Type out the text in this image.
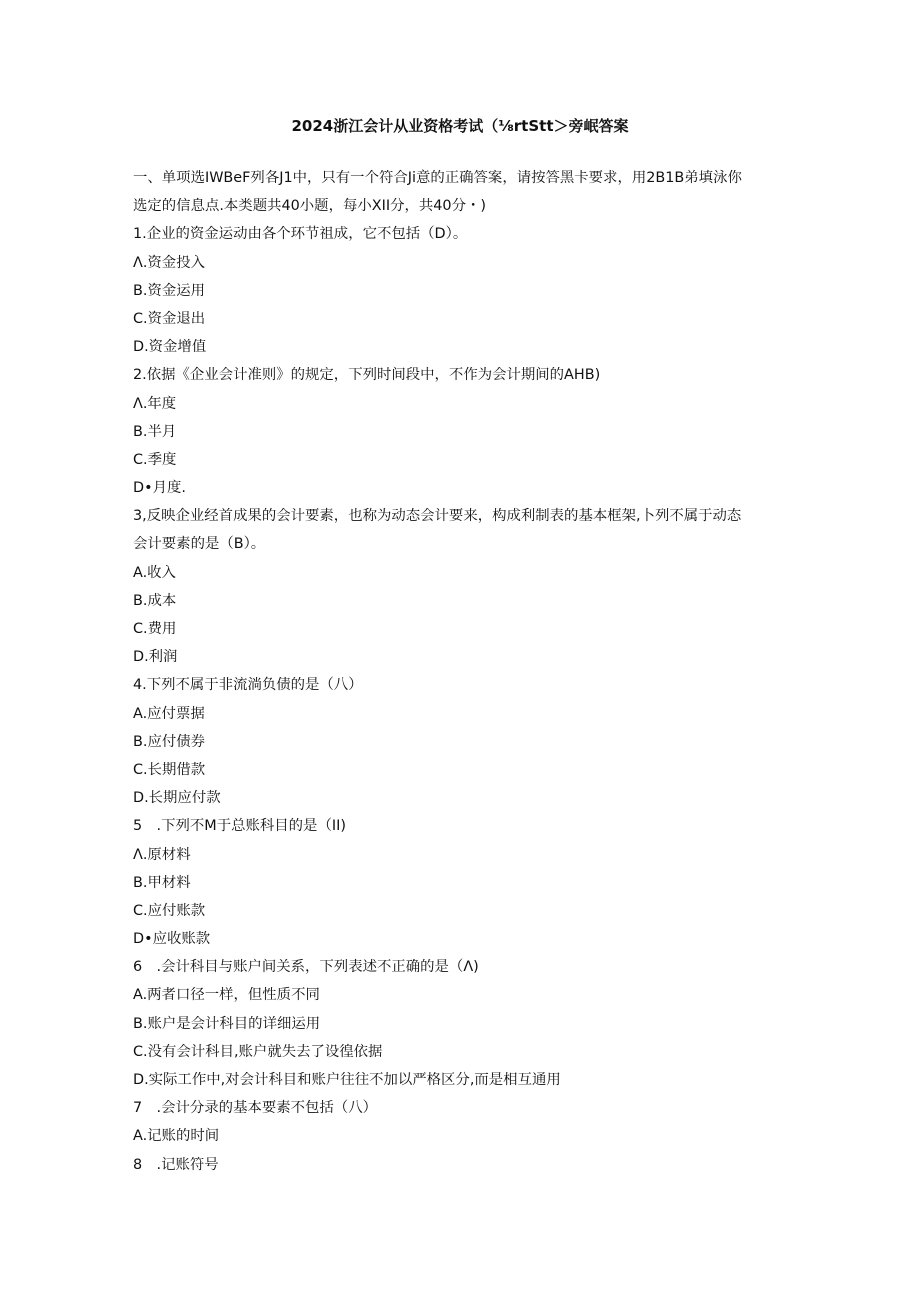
2024浙江会计从业资格考试（⅛rtStt＞旁岷答案
一、单项选IWBeF列各J1中，只有一个符合Ji意的正确答案，请按答黑卡要求，用2B1B弟填泳你
选定的信息点.本类题共40小题，每小XII分，共40分・)
1.企业的资金运动由各个环节祖成，它不包括（D）。
Λ.资金投入
B.资金运用
C.资金退出
D.资金增值
2.依据《企业会计准则》的规定，下列时间段中，不作为会计期间的AHB)
Λ.年度
B.半月
C.季度
D•月度.
3,反映企业经首成果的会计要素，也称为动态会计要来，构成利制表的基本框架,卜列不属于动态
会计要素的是（B）。
A.收入
B.成本
C.费用
D.利润
4.下列不属于非流淌负债的是（八）
A.应付票据
B.应付债券
C.长期借款
D.长期应付款
5　.下列不M于总账科目的是（II)
Λ.原材料
B.甲材料
C.应付账款
D•应收账款
6　.会计科目与账户间关系，下列表述不正确的是（Λ)
A.两者口径一样，但性质不同
B.账户是会计科目的详细运用
C.没有会计科目,账户就失去了设徨依据
D.实际工作中,对会计科目和账户往往不加以严格区分,而是相互通用
7　.会计分录的基本要素不包括（八）
A.记账的时间
8　.记账符号
